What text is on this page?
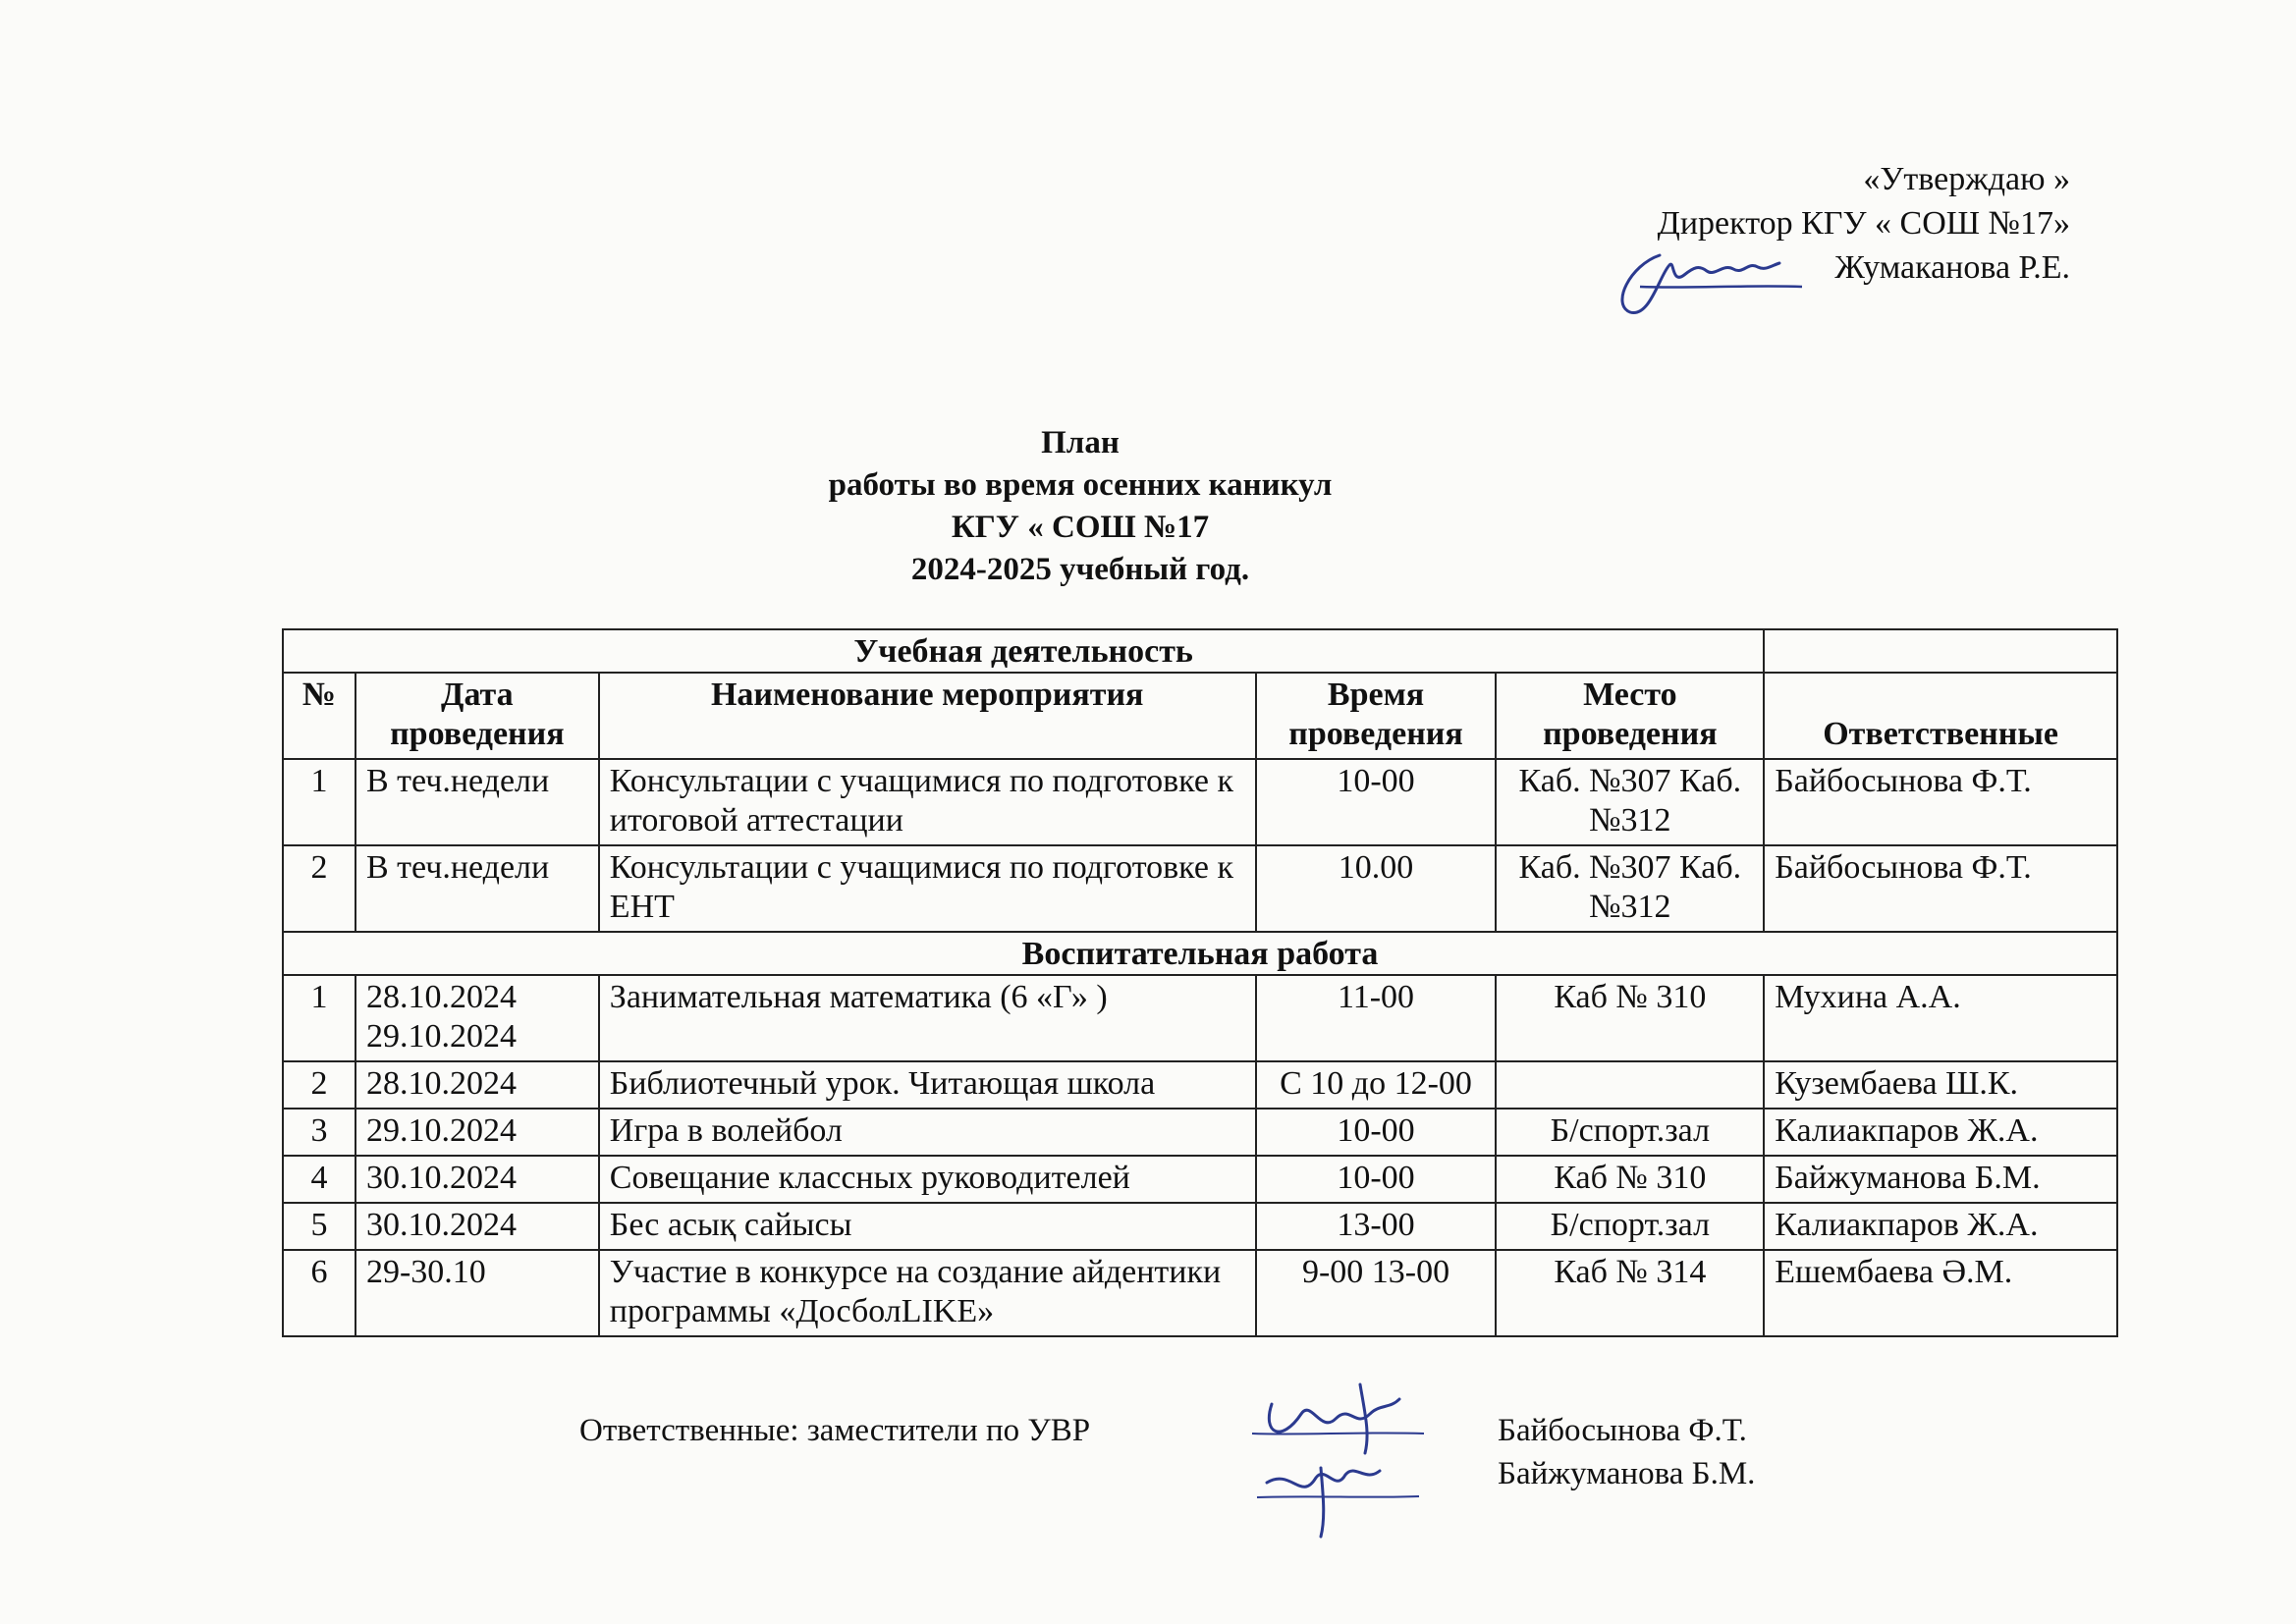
«Утверждаю »
Директор КГУ « СОШ №17»
Жумаканова Р.Е.
План
работы во время осенних каникул
КГУ « СОШ №17
2024-2025 учебный год.
Учебная деятельность					
№	Дата проведения	Наименование мероприятия	Время проведения	Место проведения	Ответственные
1	В теч.недели	Консультации с учащимися по подготовке к итоговой аттестации	10-00	Каб. №307 Каб. №312	Байбосынова Ф.Т.
2	В теч.недели	Консультации с учащимися по подготовке к ЕНТ	10.00	Каб. №307 Каб. №312	Байбосынова Ф.Т.
Воспитательная работа					
1	28.10.2024 29.10.2024	Занимательная математика (6 «Г» )	11-00	Каб № 310	Мухина А.А.
2	28.10.2024	Библиотечный урок. Читающая школа	С 10 до 12-00		Кузембаева Ш.К.
3	29.10.2024	Игра в волейбол	10-00	Б/спорт.зал	Калиакпаров Ж.А.
4	30.10.2024	Совещание классных руководителей	10-00	Каб № 310	Байжуманова Б.М.
5	30.10.2024	Бес асық сайысы	13-00	Б/спорт.зал	Калиакпаров Ж.А.
6	29-30.10	Участие в конкурсе на создание айдентики программы «ДосболLIKE»	9-00 13-00	Каб № 314	Ешембаева Ә.М.
Ответственные: заместители по УВР	Байбосынова Ф.Т.
Байжуманова Б.М.
